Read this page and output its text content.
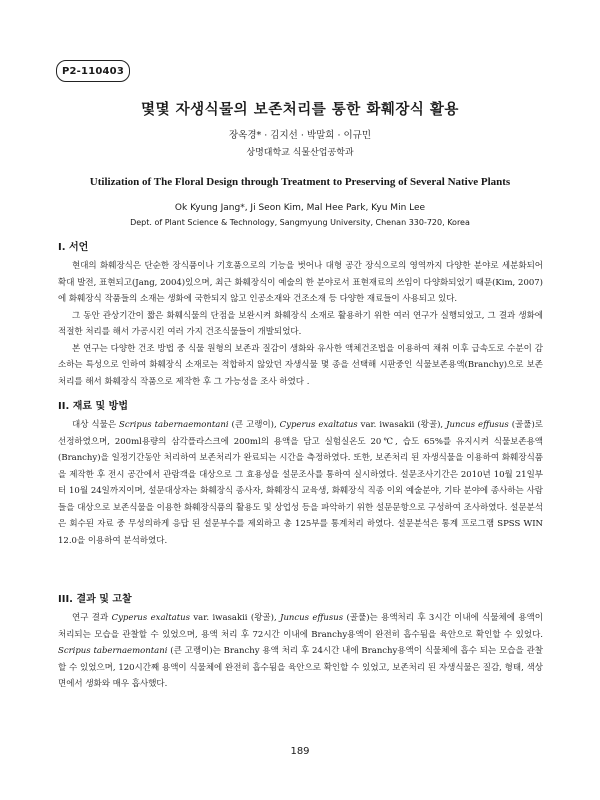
P2-110403
몇몇 자생식물의 보존처리를 통한 화훼장식 활용
장옥경* · 김지선 · 박말희 · 이규민
상명대학교 식물산업공학과
Utilization of The Floral Design through Treatment to Preserving of Several Native Plants
Ok Kyung Jang*, Ji Seon Kim, Mal Hee Park, Kyu Min Lee
Dept. of Plant Science & Technology, Sangmyung University, Chenan 330-720, Korea
I. 서언

현대의 화훼장식은 단순한 장식품이나 기호품으로의 기능을 벗어나 대형 공간 장식으로의 영역까지 다양한 분야로 세분화되어 확대 발전, 표현되고(Jang, 2004)있으며, 최근 화훼장식이 예술의 한 분야로서 표현재료의 쓰임이 다양화되었기 때문(Kim, 2007)에 화훼장식 작품들의 소재는 생화에 국한되지 않고 인공소재와 건조소재 등 다양한 재료들이 사용되고 있다.

그 동안 관상기간이 짧은 화훼식물의 단점을 보완시켜 화훼장식 소재로 활용하기 위한 여러 연구가 실행되었고, 그 결과 생화에 적절한 처리를 해서 가공시킨 여러 가지 건조식물들이 개발되었다.

본 연구는 다양한 건조 방법 중 식물 원형의 보존과 질감이 생화와 유사한 액체건조법을 이용하여 채취 이후 급속도로 수분이 감소하는 특성으로 인하여 화훼장식 소재로는 적합하지 않았던 자생식물 몇 종을 선택해 시판중인 식물보존용액(Branchy)으로 보존처리를 해서 화훼장식 작품으로 제작한 후 그 가능성을 조사 하였다 .

II. 재료 및 방법

대상 식물은 Scripus tabernaemontani (큰 고랭이), Cyperus exaltatus var. iwasakii (왕골), Juncus effusus (골풀)로 선정하였으며, 200ml용량의 삼각플라스크에 200ml의 용액을 담고 실험실온도 20℃, 습도 65%를 유지시켜 식물보존용액(Branchy)을 일정기간동안 처리하여 보존처리가 완료되는 시간을 측정하였다. 또한, 보존처리 된 자생식물을 이용하여 화훼장식품을 제작한 후 전시 공간에서 관람객을 대상으로 그 효용성을 설문조사를 통하여 실시하였다. 설문조사기간은 2010년 10월 21일부터 10월 24일까지이며, 설문대상자는 화훼장식 종사자, 화훼장식 교육생, 화훼장식 직종 이외 예술분야, 기타 분야에 종사하는 사람들을 대상으로 보존식물을 이용한 화훼장식품의 활용도 및 상업성 등을 파악하기 위한 설문문항으로 구성하여 조사하였다. 설문분석은 회수된 자료 중 무성의하게 응답 된 설문부수를 제외하고 총 125부를 통계처리 하였다. 설문분석은 통계 프로그램 SPSS WIN 12.0을 이용하여 분석하였다.

III. 결과 및 고찰

연구 결과 Cyperus exaltatus var. iwasakii (왕골), Juncus effusus (골풀)는 용액처리 후 3시간 이내에 식물체에 용액이 처리되는 모습을 관찰할 수 있었으며, 용액 처리 후 72시간 이내에 Branchy용액이 완전히 흡수됨을 육안으로 확인할 수 있었다. Scripus tabernaemontani (큰 고랭이)는 Branchy 용액 처리 후 24시간 내에 Branchy용액이 식물체에 흡수 되는 모습을 관찰 할 수 있었으며, 120시간째 용액이 식물체에 완전히 흡수됨을 육안으로 확인할 수 있었고, 보존처리 된 자생식물은 질감, 형태, 색상 면에서 생화와 매우 흡사했다.

189
